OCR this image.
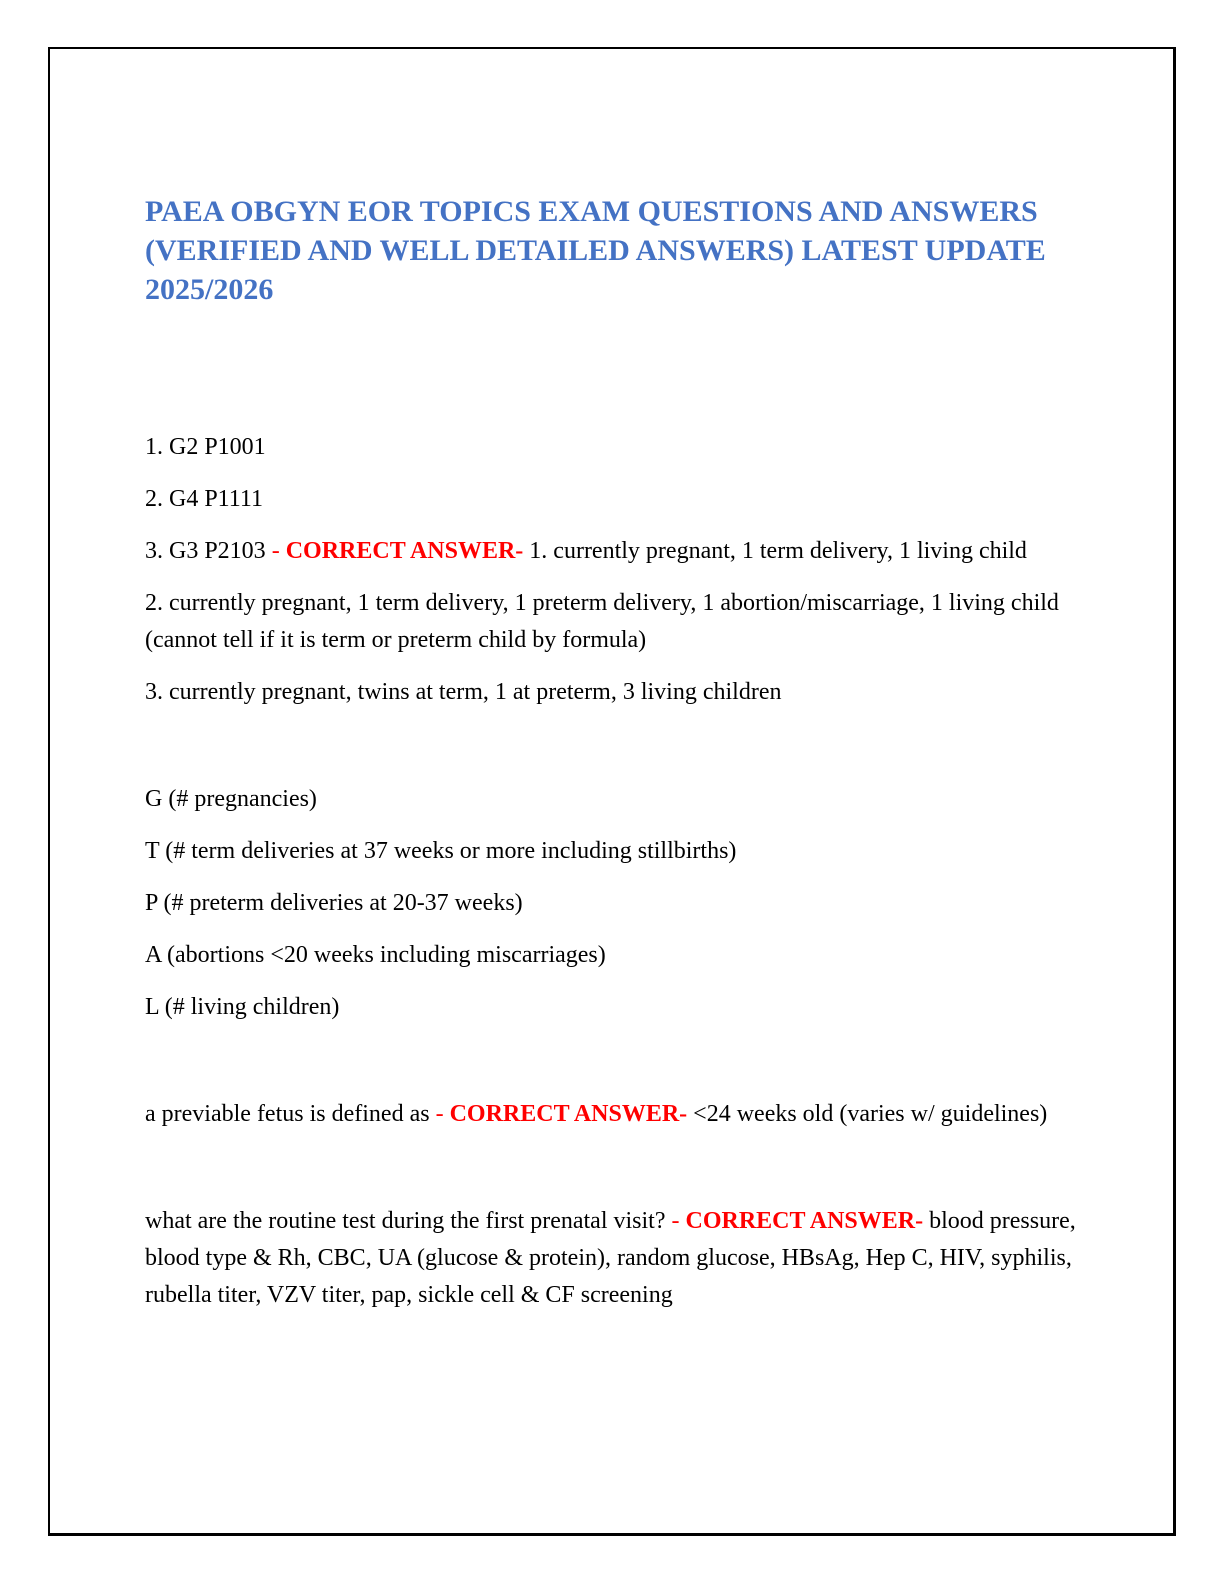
PAEA OBGYN EOR TOPICS EXAM QUESTIONS AND ANSWERS (VERIFIED AND WELL DETAILED ANSWERS) LATEST UPDATE 2025/2026

1. G2 P1001

2. G4 P1111

3. G3 P2103 - CORRECT ANSWER- 1. currently pregnant, 1 term delivery, 1 living child

2. currently pregnant, 1 term delivery, 1 preterm delivery, 1 abortion/miscarriage, 1 living child (cannot tell if it is term or preterm child by formula)

3. currently pregnant, twins at term, 1 at preterm, 3 living children

G (# pregnancies)

T (# term deliveries at 37 weeks or more including stillbirths)

P (# preterm deliveries at 20-37 weeks)

A (abortions <20 weeks including miscarriages)

L (# living children)

a previable fetus is defined as - CORRECT ANSWER- <24 weeks old (varies w/ guidelines)

what are the routine test during the first prenatal visit? - CORRECT ANSWER- blood pressure, blood type & Rh, CBC, UA (glucose & protein), random glucose, HBsAg, Hep C, HIV, syphilis, rubella titer, VZV titer, pap, sickle cell & CF screening
